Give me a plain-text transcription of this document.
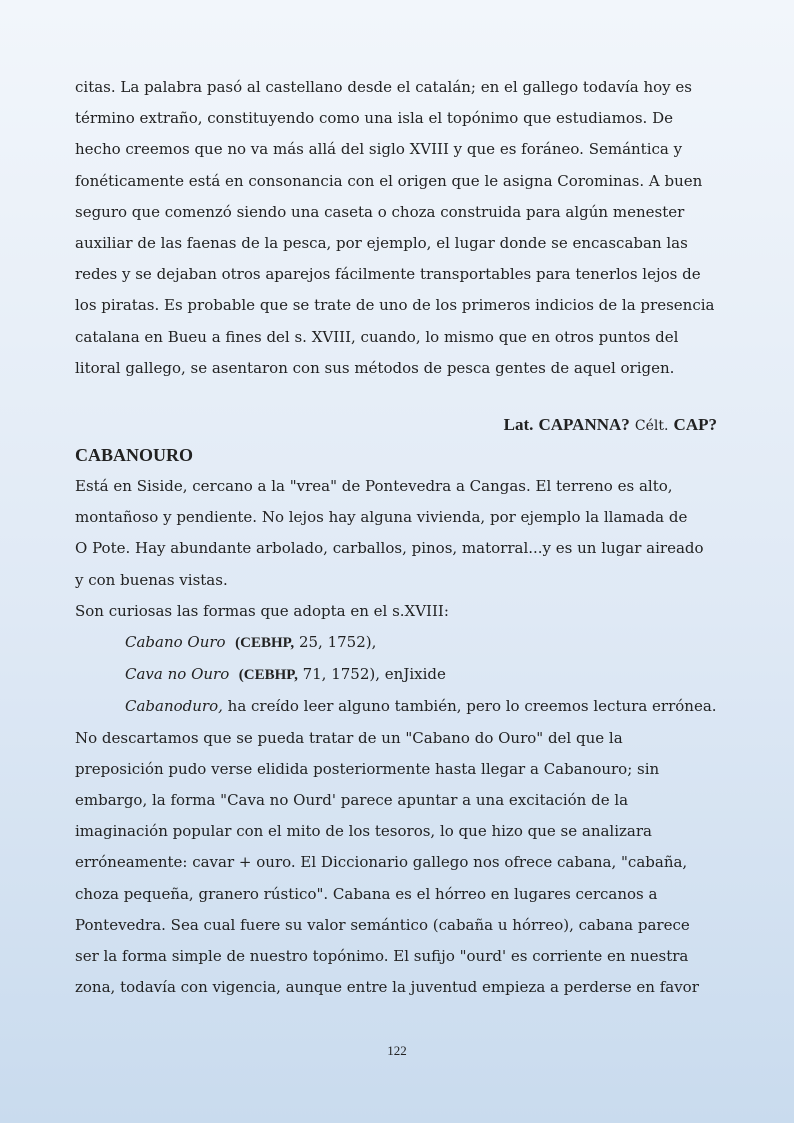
citas. La palabra pasó al castellano desde el catalán; en el gallego todavía hoy es
término extraño, constituyendo como una isla el topónimo que estudiamos. De
hecho creemos que no va más allá del siglo XVIII y que es foráneo. Semántica y
fonéticamente está en consonancia con el origen que le asigna Corominas. A buen
seguro que comenzó siendo una caseta o choza construida para algún menester
auxiliar de las faenas de la pesca, por ejemplo, el lugar donde se encascaban las
redes y se dejaban otros aparejos fácilmente transportables para tenerlos lejos de
los piratas. Es probable que se trate de uno de los primeros indicios de la presencia
catalana en Bueu a fines del s. XVIII, cuando, lo mismo que en otros puntos del
litoral gallego, se asentaron con sus métodos de pesca gentes de aquel origen.
Lat. CAPANNA? Célt. CAP?
CABANOURO
Está en Siside, cercano a la "vrea" de Pontevedra a Cangas. El terreno es alto,
montañoso y pendiente. No lejos hay alguna vivienda, por ejemplo la llamada de
O Pote. Hay abundante arbolado, carballos, pinos, matorral...y es un lugar aireado
y con buenas vistas.
Son curiosas las formas que adopta en el s.XVIII:
Cabano Ouro (CEBHP, 25, 1752),
Cava no Ouro (CEBHP, 71, 1752), enJixide
Cabanoduro, ha creído leer alguno también, pero lo creemos lectura errónea.
No descartamos que se pueda tratar de un "Cabano do Ouro" del que la
preposición pudo verse elidida posteriormente hasta llegar a Cabanouro; sin
embargo, la forma "Cava no Ourd' parece apuntar a una excitación de la
imaginación popular con el mito de los tesoros, lo que hizo que se analizara
erróneamente: cavar + ouro. El Diccionario gallego nos ofrece cabana, "cabaña,
choza pequeña, granero rústico". Cabana es el hórreo en lugares cercanos a
Pontevedra. Sea cual fuere su valor semántico (cabaña u hórreo), cabana parece
ser la forma simple de nuestro topónimo. El sufijo "ourd' es corriente en nuestra
zona, todavía con vigencia, aunque entre la juventud empieza a perderse en favor
122
